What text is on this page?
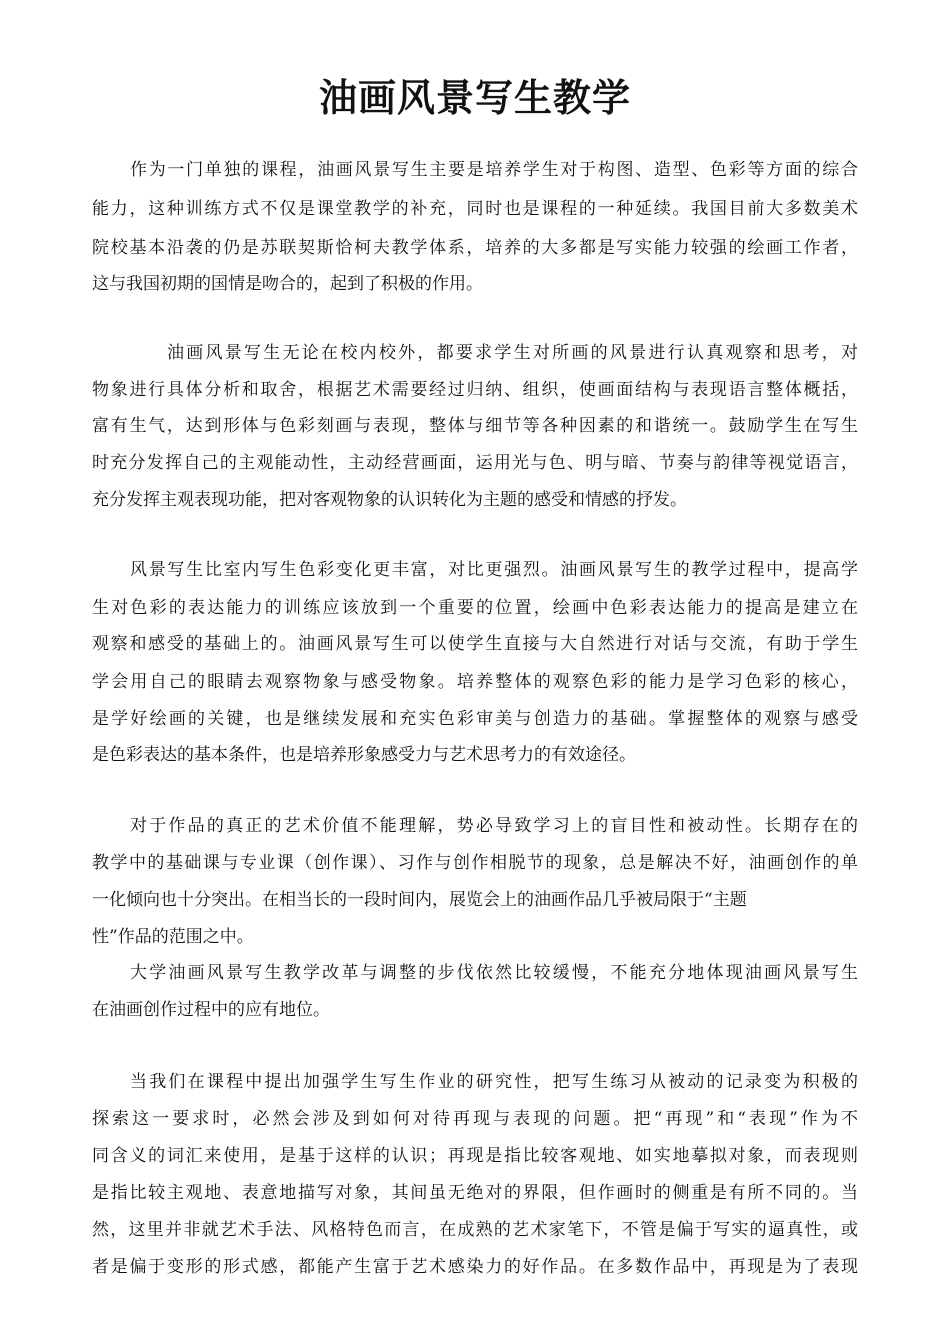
油画风景写生教学

作为一门单独的课程，油画风景写生主要是培养学生对于构图、造型、色彩等方面的综合

能力，这种训练方式不仅是课堂教学的补充，同时也是课程的一种延续。我国目前大多数美术

院校基本沿袭的仍是苏联契斯恰柯夫教学体系，培养的大多都是写实能力较强的绘画工作者，

这与我国初期的国情是吻合的，起到了积极的作用。

油画风景写生无论在校内校外，都要求学生对所画的风景进行认真观察和思考，对

物象进行具体分析和取舍，根据艺术需要经过归纳、组织，使画面结构与表现语言整体概括，

富有生气，达到形体与色彩刻画与表现，整体与细节等各种因素的和谐统一。鼓励学生在写生

时充分发挥自己的主观能动性，主动经营画面，运用光与色、明与暗、节奏与韵律等视觉语言，

充分发挥主观表现功能，把对客观物象的认识转化为主题的感受和情感的抒发。

风景写生比室内写生色彩变化更丰富，对比更强烈。油画风景写生的教学过程中，提高学

生对色彩的表达能力的训练应该放到一个重要的位置，绘画中色彩表达能力的提高是建立在

观察和感受的基础上的。油画风景写生可以使学生直接与大自然进行对话与交流，有助于学生

学会用自己的眼睛去观察物象与感受物象。培养整体的观察色彩的能力是学习色彩的核心，

是学好绘画的关键，也是继续发展和充实色彩审美与创造力的基础。掌握整体的观察与感受

是色彩表达的基本条件，也是培养形象感受力与艺术思考力的有效途径。

对于作品的真正的艺术价值不能理解，势必导致学习上的盲目性和被动性。长期存在的

教学中的基础课与专业课（创作课）、习作与创作相脱节的现象，总是解决不好，油画创作的单

一化倾向也十分突出。在相当长的一段时间内，展览会上的油画作品几乎被局限于“主题

性”作品的范围之中。

大学油画风景写生教学改革与调整的步伐依然比较缓慢，不能充分地体现油画风景写生

在油画创作过程中的应有地位。

当我们在课程中提出加强学生写生作业的研究性，把写生练习从被动的记录变为积极的

探索这一要求时，必然会涉及到如何对待再现与表现的问题。把“再现”和“表现”作为不

同含义的词汇来使用，是基于这样的认识；再现是指比较客观地、如实地摹拟对象，而表现则

是指比较主观地、表意地描写对象，其间虽无绝对的界限，但作画时的侧重是有所不同的。当

然，这里并非就艺术手法、风格特色而言，在成熟的艺术家笔下，不管是偏于写实的逼真性，或

者是偏于变形的形式感，都能产生富于艺术感染力的好作品。在多数作品中，再现是为了表现
